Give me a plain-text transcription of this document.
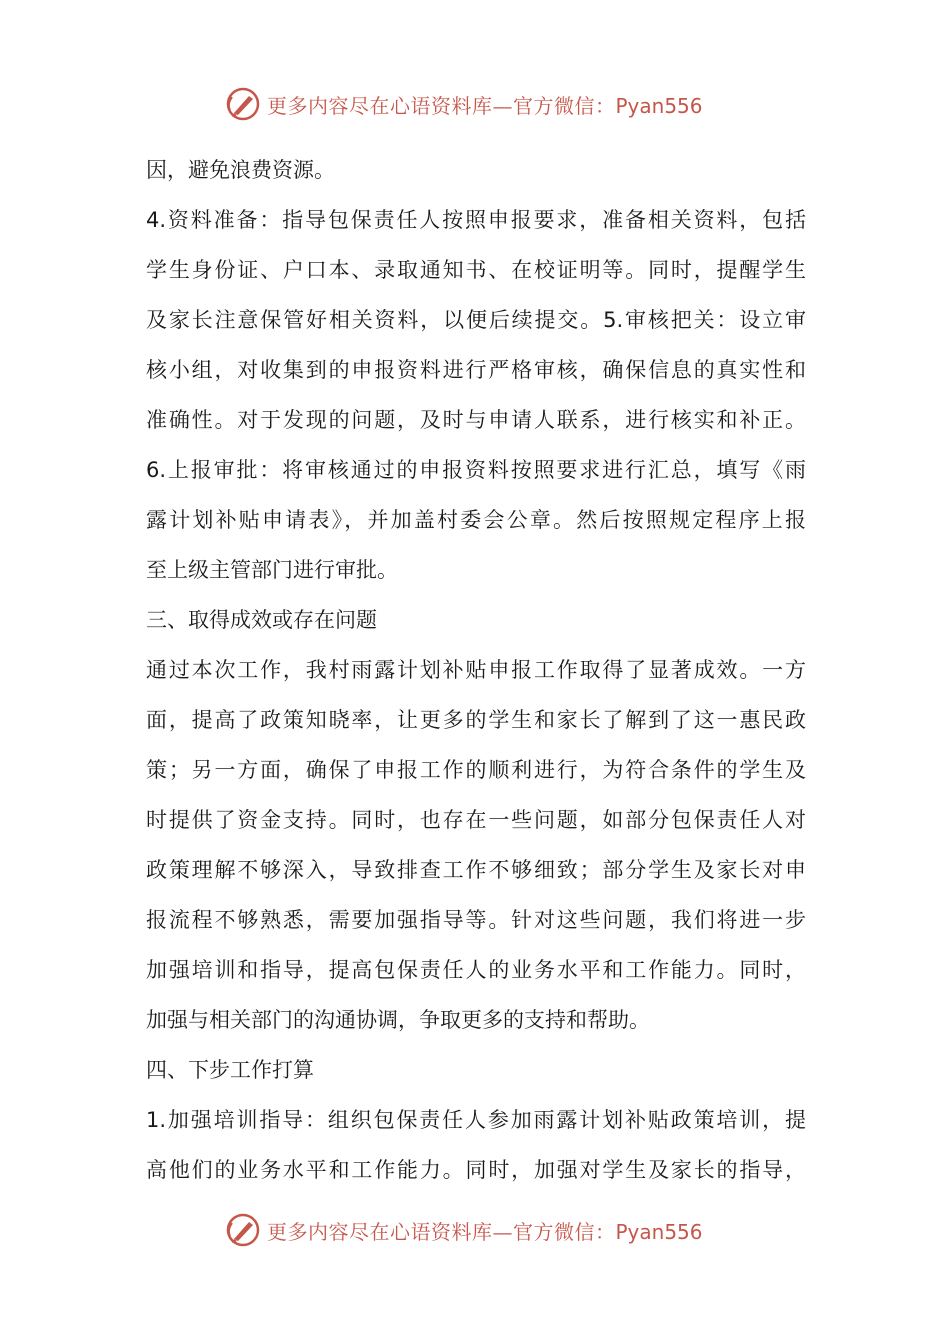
更多内容尽在心语资料库—官方微信：Pyan556
因，避免浪费资源。
4.资料准备：指导包保责任人按照申报要求，准备相关资料，包括
学生身份证、户口本、录取通知书、在校证明等。同时，提醒学生
及家长注意保管好相关资料，以便后续提交。5.审核把关：设立审
核小组，对收集到的申报资料进行严格审核，确保信息的真实性和
准确性。对于发现的问题，及时与申请人联系，进行核实和补正。
6.上报审批：将审核通过的申报资料按照要求进行汇总，填写《雨
露计划补贴申请表》，并加盖村委会公章。然后按照规定程序上报
至上级主管部门进行审批。
三、取得成效或存在问题
通过本次工作，我村雨露计划补贴申报工作取得了显著成效。一方
面，提高了政策知晓率，让更多的学生和家长了解到了这一惠民政
策；另一方面，确保了申报工作的顺利进行，为符合条件的学生及
时提供了资金支持。同时，也存在一些问题，如部分包保责任人对
政策理解不够深入，导致排查工作不够细致；部分学生及家长对申
报流程不够熟悉，需要加强指导等。针对这些问题，我们将进一步
加强培训和指导，提高包保责任人的业务水平和工作能力。同时，
加强与相关部门的沟通协调，争取更多的支持和帮助。
四、下步工作打算
1.加强培训指导：组织包保责任人参加雨露计划补贴政策培训，提
高他们的业务水平和工作能力。同时，加强对学生及家长的指导，
更多内容尽在心语资料库—官方微信：Pyan556
